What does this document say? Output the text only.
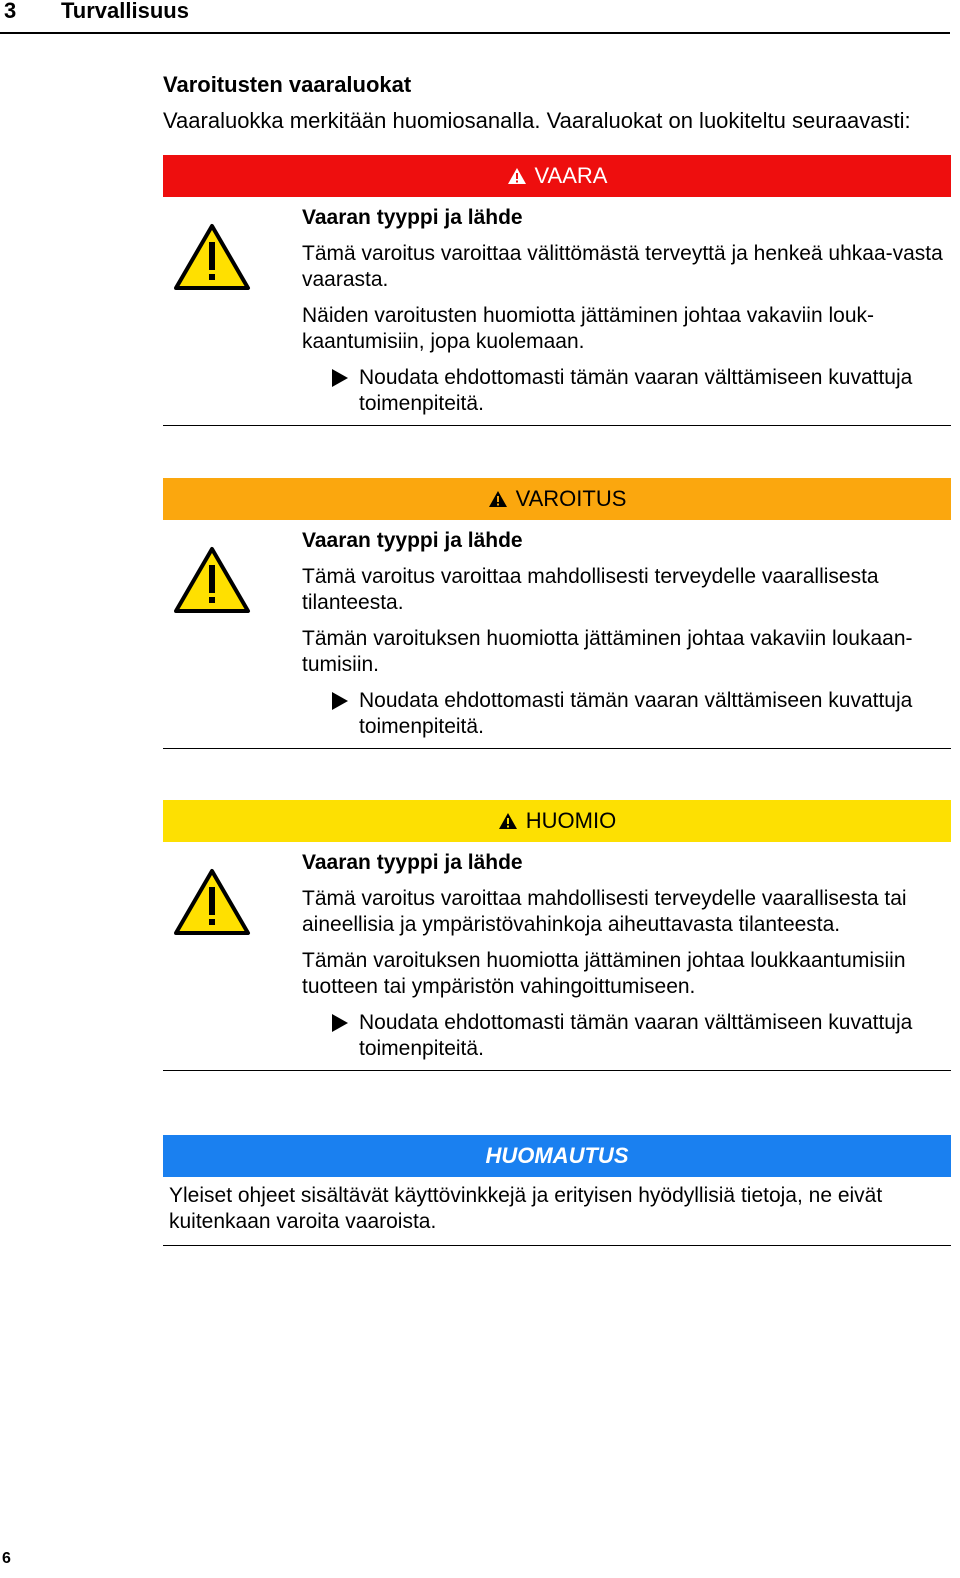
3 Turvallisuus
Varoitusten vaaraluokat
Vaaraluokka merkitään huomiosanalla. Vaaraluokat on luokiteltu seuraavasti:
VAARA
Vaaran tyyppi ja lähde
Tämä varoitus varoittaa välittömästä terveyttä ja henkeä uhkaa-vasta vaarasta.
Näiden varoitusten huomiotta jättäminen johtaa vakaviin louk-kaantumisiin, jopa kuolemaan.
Noudata ehdottomasti tämän vaaran välttämiseen kuvattuja toimenpiteitä.
VAROITUS
Vaaran tyyppi ja lähde
Tämä varoitus varoittaa mahdollisesti terveydelle vaarallisesta tilanteesta.
Tämän varoituksen huomiotta jättäminen johtaa vakaviin loukaan-tumisiin.
Noudata ehdottomasti tämän vaaran välttämiseen kuvattuja toimenpiteitä.
HUOMIO
Vaaran tyyppi ja lähde
Tämä varoitus varoittaa mahdollisesti terveydelle vaarallisesta tai aineellisia ja ympäristövahinkoja aiheuttavasta tilanteesta.
Tämän varoituksen huomiotta jättäminen johtaa loukkaantumisiin tuotteen tai ympäristön vahingoittumiseen.
Noudata ehdottomasti tämän vaaran välttämiseen kuvattuja toimenpiteitä.
HUOMAUTUS
Yleiset ohjeet sisältävät käyttövinkkejä ja erityisen hyödyllisiä tietoja, ne eivät kuitenkaan varoita vaaroista.
6
